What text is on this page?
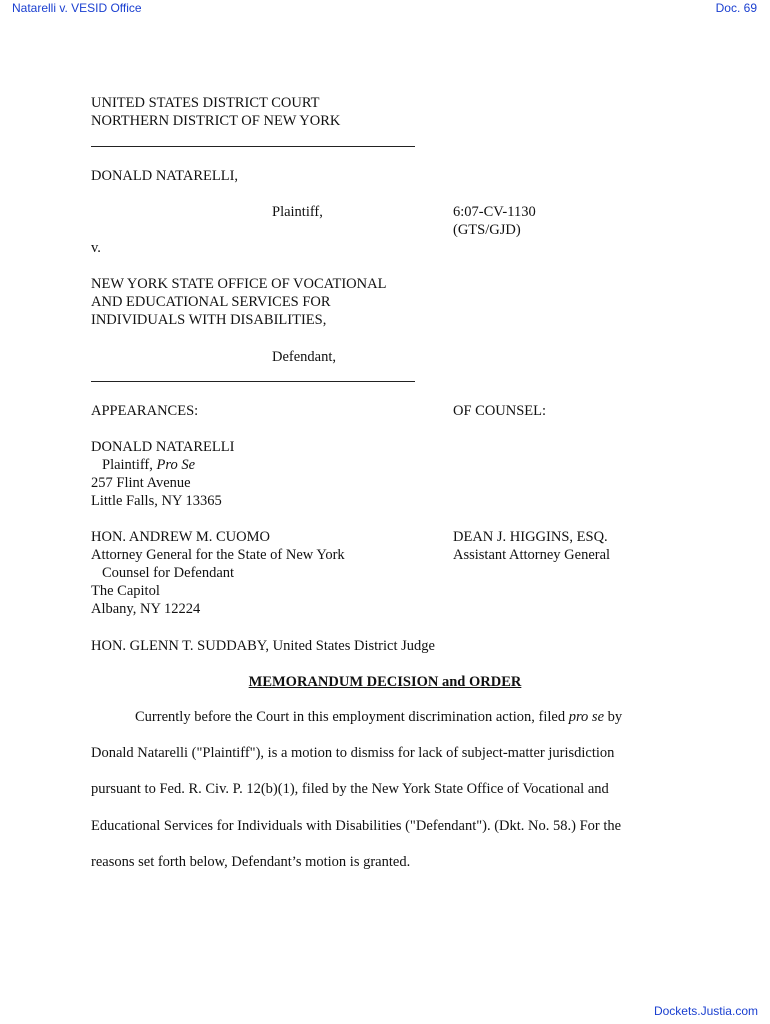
Natarelli v. VESID Office	Doc. 69
UNITED STATES DISTRICT COURT
NORTHERN DISTRICT OF NEW YORK
DONALD NATARELLI,
Plaintiff,	6:07-CV-1130
(GTS/GJD)
v.
NEW YORK STATE OFFICE OF VOCATIONAL
AND EDUCATIONAL SERVICES FOR
INDIVIDUALS WITH DISABILITIES,
Defendant,
APPEARANCES:	OF COUNSEL:
DONALD NATARELLI
Plaintiff, Pro Se
257 Flint Avenue
Little Falls, NY 13365
HON. ANDREW M. CUOMO	DEAN J. HIGGINS, ESQ.
Attorney General for the State of New York	Assistant Attorney General
Counsel for Defendant
The Capitol
Albany, NY 12224
HON. GLENN T. SUDDABY, United States District Judge
MEMORANDUM DECISION and ORDER
Currently before the Court in this employment discrimination action, filed pro se by
Donald Natarelli ("Plaintiff"), is a motion to dismiss for lack of subject-matter jurisdiction
pursuant to Fed. R. Civ. P. 12(b)(1), filed by the New York State Office of Vocational and
Educational Services for Individuals with Disabilities ("Defendant"). (Dkt. No. 58.) For the
reasons set forth below, Defendant’s motion is granted.
Dockets.Justia.com
